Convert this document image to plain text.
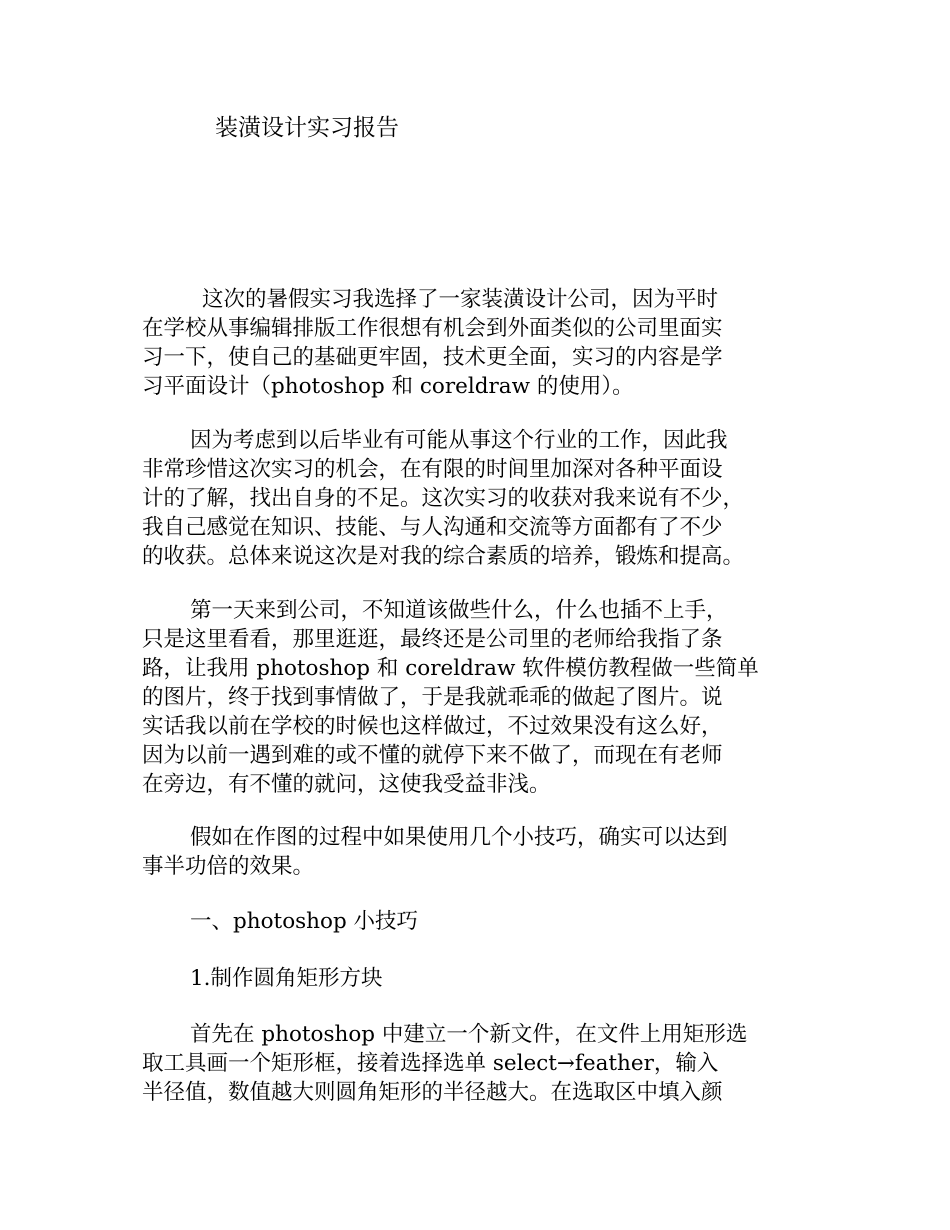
装潢设计实习报告
这次的暑假实习我选择了一家装潢设计公司，因为平时
在学校从事编辑排版工作很想有机会到外面类似的公司里面实
习一下，使自己的基础更牢固，技术更全面，实习的内容是学
习平面设计（photoshop 和 coreldraw 的使用）。
因为考虑到以后毕业有可能从事这个行业的工作，因此我
非常珍惜这次实习的机会，在有限的时间里加深对各种平面设
计的了解，找出自身的不足。这次实习的收获对我来说有不少，
我自己感觉在知识、技能、与人沟通和交流等方面都有了不少
的收获。总体来说这次是对我的综合素质的培养，锻炼和提高。
第一天来到公司，不知道该做些什么，什么也插不上手，
只是这里看看，那里逛逛，最终还是公司里的老师给我指了条
路，让我用 photoshop 和 coreldraw 软件模仿教程做一些简单
的图片，终于找到事情做了，于是我就乖乖的做起了图片。说
实话我以前在学校的时候也这样做过，不过效果没有这么好，
因为以前一遇到难的或不懂的就停下来不做了，而现在有老师
在旁边，有不懂的就问，这使我受益非浅。
假如在作图的过程中如果使用几个小技巧，确实可以达到
事半功倍的效果。
一、photoshop 小技巧
1.制作圆角矩形方块
首先在 photoshop 中建立一个新文件，在文件上用矩形选
取工具画一个矩形框，接着选择选单 select→feather，输入
半径值，数值越大则圆角矩形的半径越大。在选取区中填入颜
